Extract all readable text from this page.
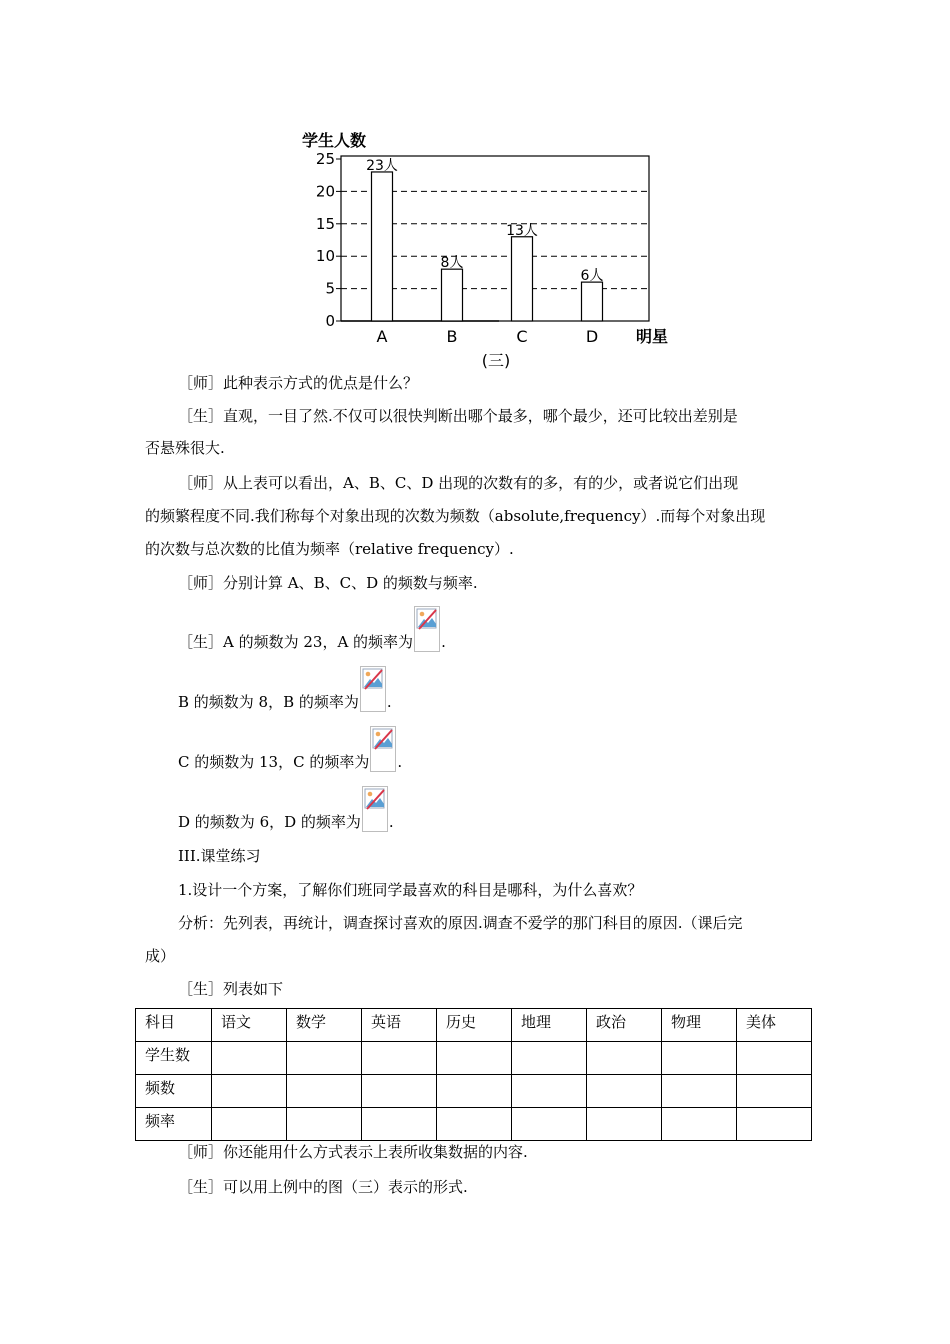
0
5
10
15
20
25 23人
A
8人
B
13人
C
6人
D
学生人数
明星
(三)
［师］此种表示方式的优点是什么？
［生］直观，一目了然.不仅可以很快判断出哪个最多，哪个最少，还可比较出差别是
否悬殊很大.
［师］从上表可以看出，A、B、C、D 出现的次数有的多，有的少，或者说它们出现
的频繁程度不同.我们称每个对象出现的次数为频数（absolute,frequency）.而每个对象出现
的次数与总次数的比值为频率（relative frequency）.
［师］分别计算 A、B、C、D 的频数与频率.
［生］A 的频数为 23，A 的频率为 .
B 的频数为 8，B 的频率为 .
C 的频数为 13，C 的频率为 .
D 的频数为 6，D 的频率为 .
III.课堂练习
1.设计一个方案，了解你们班同学最喜欢的科目是哪科，为什么喜欢？
分析：先列表，再统计，调查探讨喜欢的原因.调查不爱学的那门科目的原因.（课后完
成）
［生］列表如下
科目	语文	数学	英语	历史	地理	政治	物理	美体
学生数								
频数								
频率								
［师］你还能用什么方式表示上表所收集数据的内容.
［生］可以用上例中的图（三）表示的形式.
